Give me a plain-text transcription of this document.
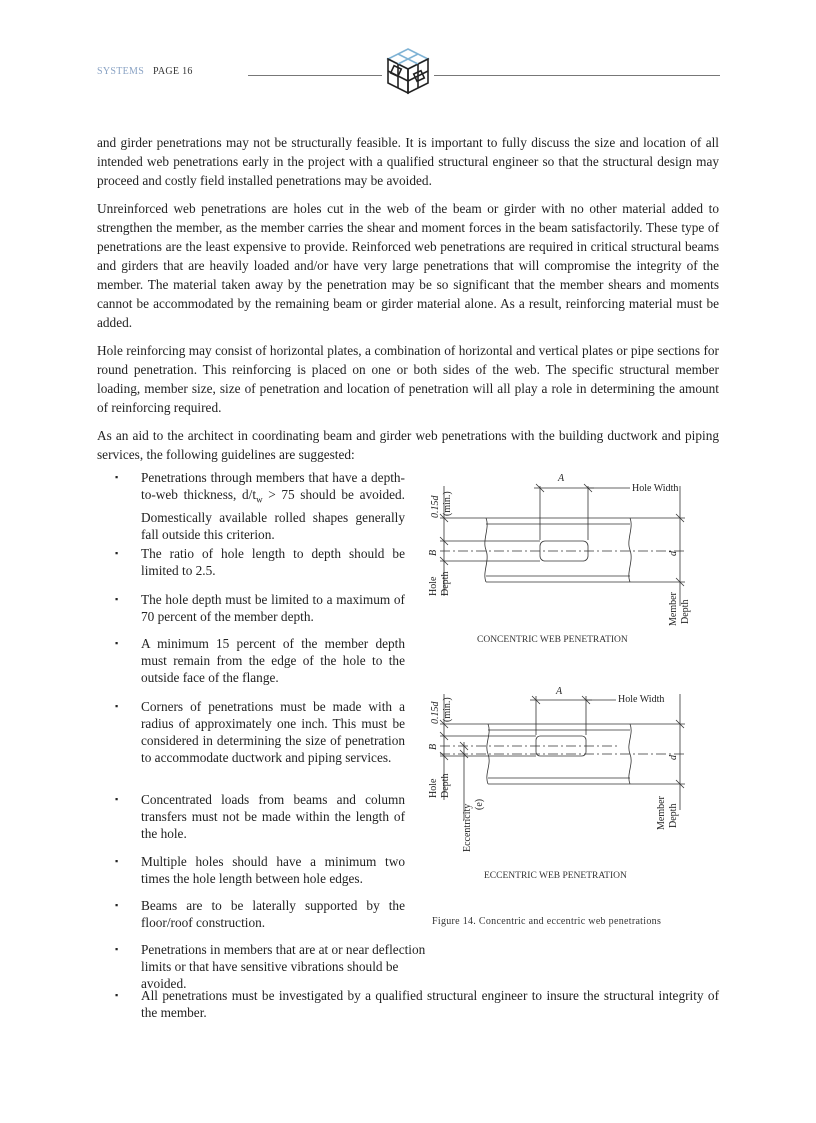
SYSTEMS PAGE 16

and girder penetrations may not be structurally feasible. It is important to fully discuss the size and location of all intended web penetrations early in the project with a qualified structural engineer so that the structural design may proceed and costly field installed penetrations may be avoided.

Unreinforced web penetrations are holes cut in the web of the beam or girder with no other material added to strengthen the member, as the member carries the shear and moment forces in the beam satisfactorily. These type of penetrations are the least expensive to provide. Reinforced web penetrations are required in critical structural beams and girders that are heavily loaded and/or have very large penetrations that will compromise the integrity of the member. The material taken away by the penetration may be so significant that the member shears and moments cannot be accommodated by the remaining beam or girder material alone. As a result, reinforcing material must be added.

Hole reinforcing may consist of horizontal plates, a combination of horizontal and vertical plates or pipe sections for round penetration. This reinforcing is placed on one or both sides of the web. The specific structural member loading, member size, size of penetration and location of penetration will all play a role in determining the amount of reinforcing required.

As an aid to the architect in coordinating beam and girder web penetrations with the building ductwork and piping services, the following guidelines are suggested:

▪ Penetrations through members that have a depth-to-web thickness, $d/t_w > 75$ should be avoided. Domestically available rolled shapes generally fall outside this criterion.
▪ The ratio of hole length to depth should be limited to 2.5.
▪ The hole depth must be limited to a maximum of 70 percent of the member depth.
▪ A minimum 15 percent of the member depth must remain from the edge of the hole to the outside face of the flange.
▪ Corners of penetrations must be made with a radius of approximately one inch. This must be considered in determining the size of penetration to accommodate ductwork and piping services.
▪ Concentrated loads from beams and column transfers must not be made within the length of the hole.
▪ Multiple holes should have a minimum two times the hole length between hole edges.
▪ Beams are to be laterally supported by the floor/roof construction.
▪ Penetrations in members that are at or near deflection limits or that have sensitive vibrations should be avoided.
▪ All penetrations must be investigated by a qualified structural engineer to insure the structural integrity of the member.
A
Hole Width
0.15d (min.)
B
Hole Depth
d
Member Depth
CONCENTRIC WEB PENETRATION
A
Hole Width
0.15d (min.)
B
Hole Depth
Eccentricity (e)
d
Member Depth
ECCENTRIC WEB PENETRATION
Figure 14. Concentric and eccentric web penetrations
